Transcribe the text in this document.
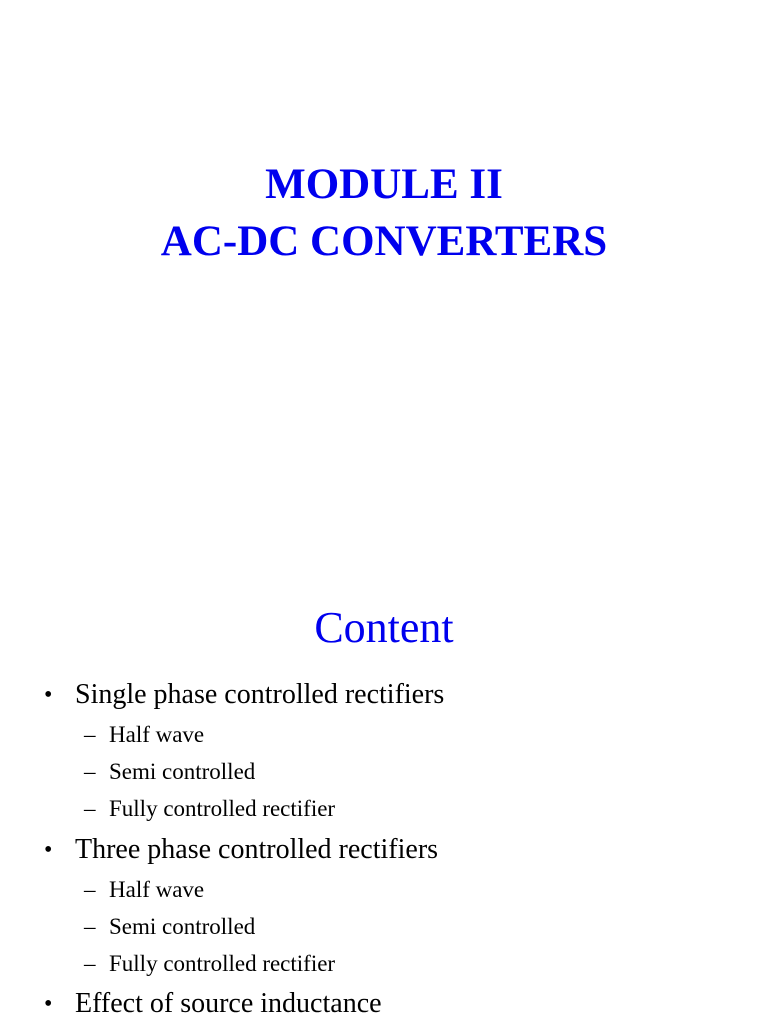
MODULE II
AC-DC CONVERTERS
Content
• Single phase controlled rectifiers
– Half wave
– Semi controlled
– Fully controlled rectifier
• Three phase controlled rectifiers
– Half wave
– Semi controlled
– Fully controlled rectifier
• Effect of source inductance
